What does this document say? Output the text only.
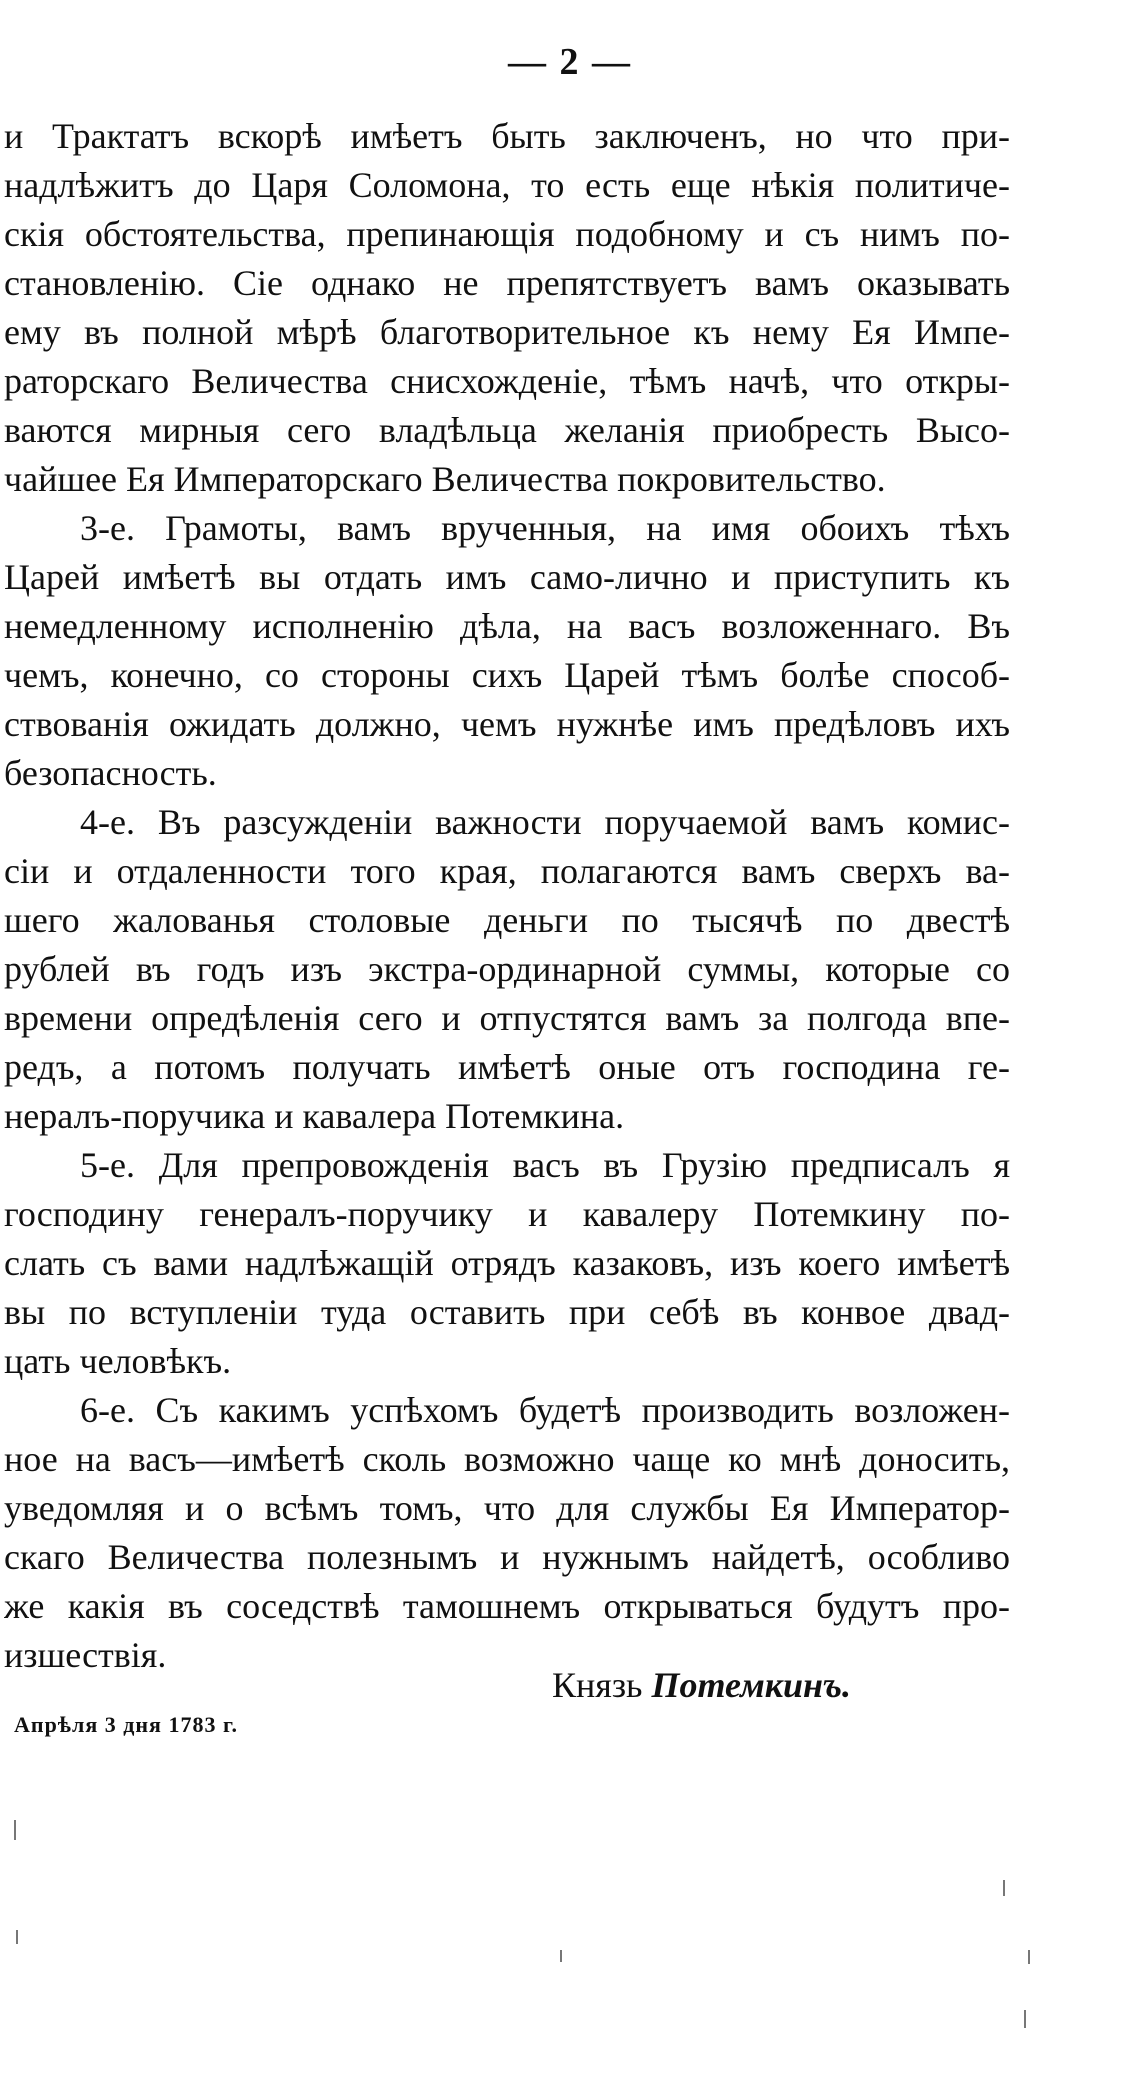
— 2 —
и Трактатъ вскорѣ имѣетъ быть заключенъ, но что при-
надлѣжитъ до Царя Соломона, то есть еще нѣкія политиче-
скія обстоятельства, препинающія подобному и съ нимъ по-
становленію. Сіе однако не препятствуетъ вамъ оказывать
ему въ полной мѣрѣ благотворительное къ нему Ея Импе-
раторскаго Величества снисхожденіе, тѣмъ начѣ, что откры-
ваются мирныя сего владѣльца желанія приобресть Высо-
чайшее Ея Императорскаго Величества покровительство.
3-е. Грамоты, вамъ врученныя, на имя обоихъ тѣхъ
Царей имѣетѣ вы отдать имъ само-лично и приступить къ
немедленному исполненію дѣла, на васъ возложеннаго. Въ
чемъ, конечно, со стороны сихъ Царей тѣмъ болѣе способ-
ствованія ожидать должно, чемъ нужнѣе имъ предѣловъ ихъ
безопасность.
4-е. Въ разсужденіи важности поручаемой вамъ комис-
сіи и отдаленности того края, полагаются вамъ сверхъ ва-
шего жалованья столовые деньги по тысячѣ по двестѣ
рублей въ годъ изъ экстра-ординарной суммы, которые со
времени опредѣленія сего и отпустятся вамъ за полгода впе-
редъ, а потомъ получать имѣетѣ оные отъ господина ге-
нералъ-поручика и кавалера Потемкина.
5-е. Для препровожденія васъ въ Грузію предписалъ я
господину генералъ-поручику и кавалеру Потемкину по-
слать съ вами надлѣжащій отрядъ казаковъ, изъ коего имѣетѣ
вы по вступленіи туда оставить при себѣ въ конвое двад-
цать человѣкъ.
6-е. Съ какимъ успѣхомъ будетѣ производить возложен-
ное на васъ—имѣетѣ сколь возможно чаще ко мнѣ доносить,
уведомляя и о всѣмъ томъ, что для службы Ея Император-
скаго Величества полезнымъ и нужнымъ найдетѣ, особливо
же какія въ соседствѣ тамошнемъ открываться будутъ про-
изшествія.
Князь Потемкинъ.
Апрѣля 3 дня 1783 г.
